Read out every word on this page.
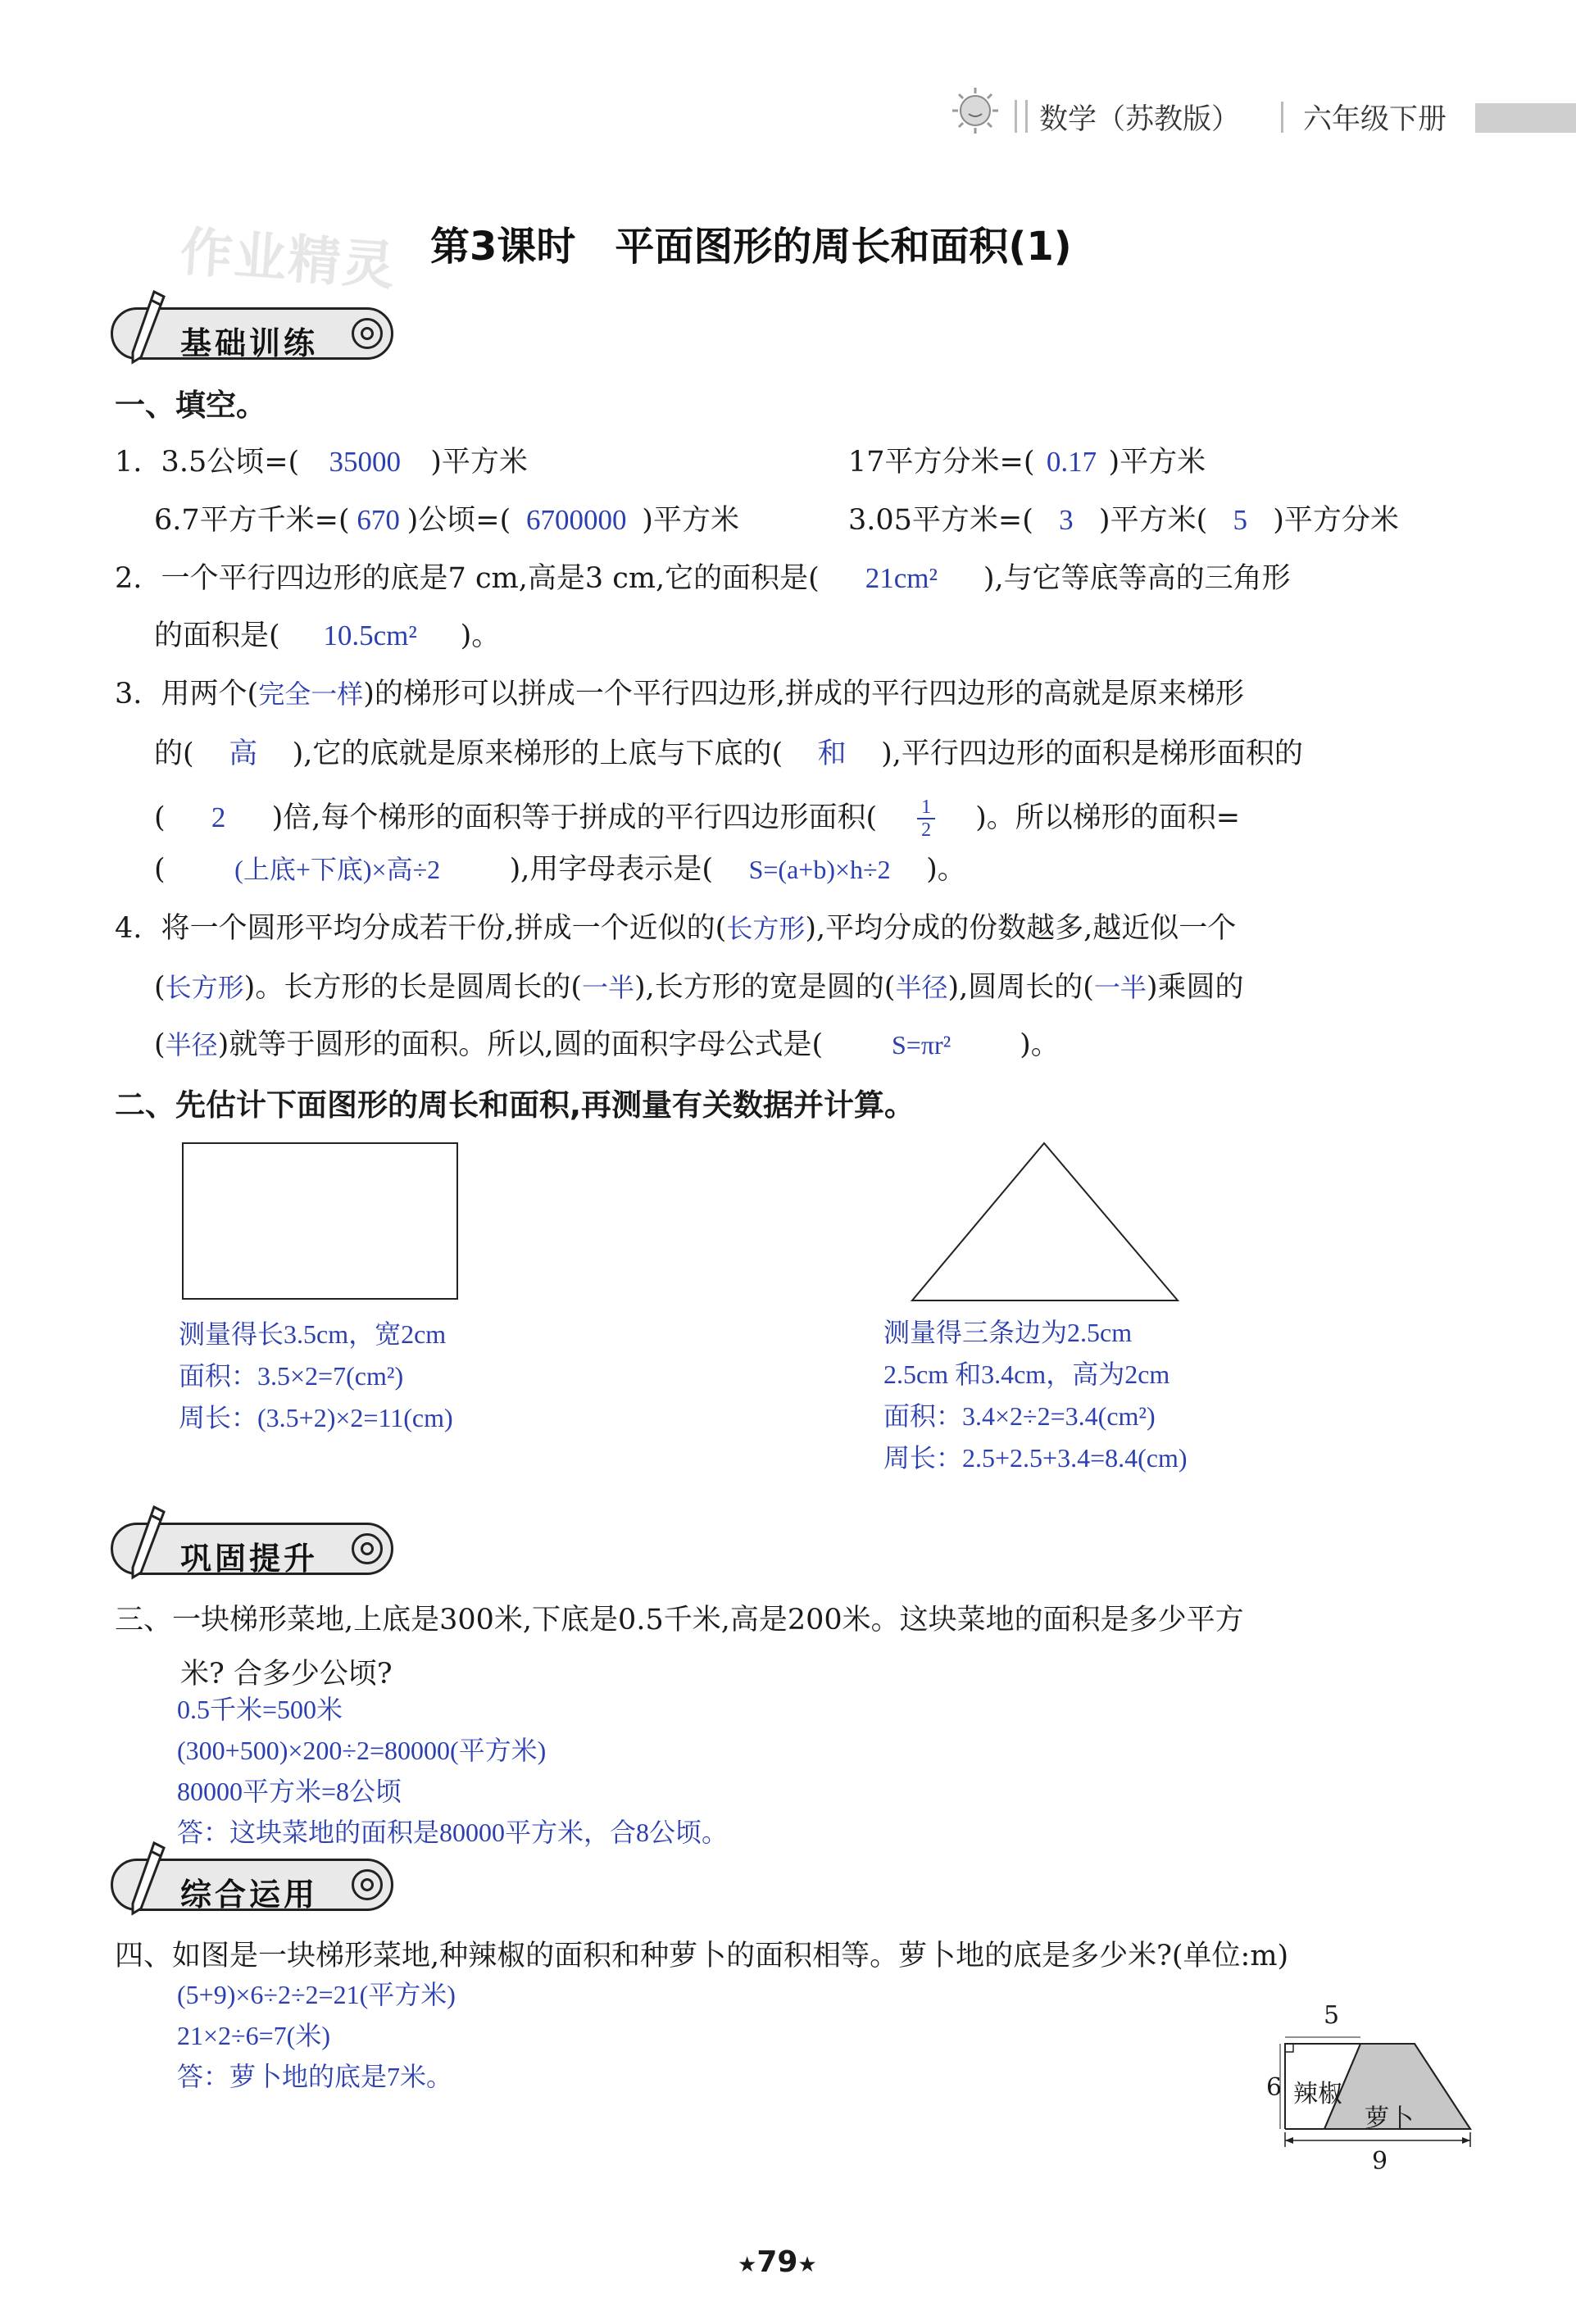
数学（苏教版） 六年级下册
作业精灵 第3课时　平面图形的周长和面积(1)
基础训练
一、填空。
1. 3.5公顷=( 35000 )平方米	17平方分米=( 0.17 )平方米
6.7平方千米=( 670 )公顷=( 6700000 )平方米	3.05平方米=( 3 )平方米( 5 )平方分米
2. 一个平行四边形的底是7 cm,高是3 cm,它的面积是( 21cm² ),与它等底等高的三角形
的面积是( 10.5cm² )。
3. 用两个(完全一样)的梯形可以拼成一个平行四边形,拼成的平行四边形的高就是原来梯形
的( 高 ),它的底就是原来梯形的上底与下底的( 和 ),平行四边形的面积是梯形面积的
( 2 )倍,每个梯形的面积等于拼成的平行四边形面积( $\frac{1}{2}$ )。所以梯形的面积=
(	(上底+下底)×高÷2 ),用字母表示是( S=(a+b)×h÷2 )。
4. 将一个圆形平均分成若干份,拼成一个近似的(长方形),平均分成的份数越多,越近似一个
(长方形)。长方形的长是圆周长的(一半),长方形的宽是圆的(半径),圆周长的(一半)乘圆的
(半径)就等于圆形的面积。所以,圆的面积字母公式是(	S=πr² )。
二、先估计下面图形的周长和面积,再测量有关数据并计算。
测量得长3.5cm，宽2cm
面积：3.5×2=7(cm²)
周长：(3.5+2)×2=11(cm)
测量得三条边为2.5cm
2.5cm 和3.4cm，高为2cm
面积：3.4×2÷2=3.4(cm²)
周长：2.5+2.5+3.4=8.4(cm)
巩固提升
三、一块梯形菜地,上底是300米,下底是0.5千米,高是200米。这块菜地的面积是多少平方
米? 合多少公顷?
0.5千米=500米
(300+500)×200÷2=80000(平方米)
80000平方米=8公顷
答：这块菜地的面积是80000平方米，合8公顷。
综合运用
四、如图是一块梯形菜地,种辣椒的面积和种萝卜的面积相等。萝卜地的底是多少米?(单位:m)
(5+9)×6÷2÷2=21(平方米)
21×2÷6=7(米)
答：萝卜地的底是7米。
5
6
9
辣椒
萝卜
★79★
